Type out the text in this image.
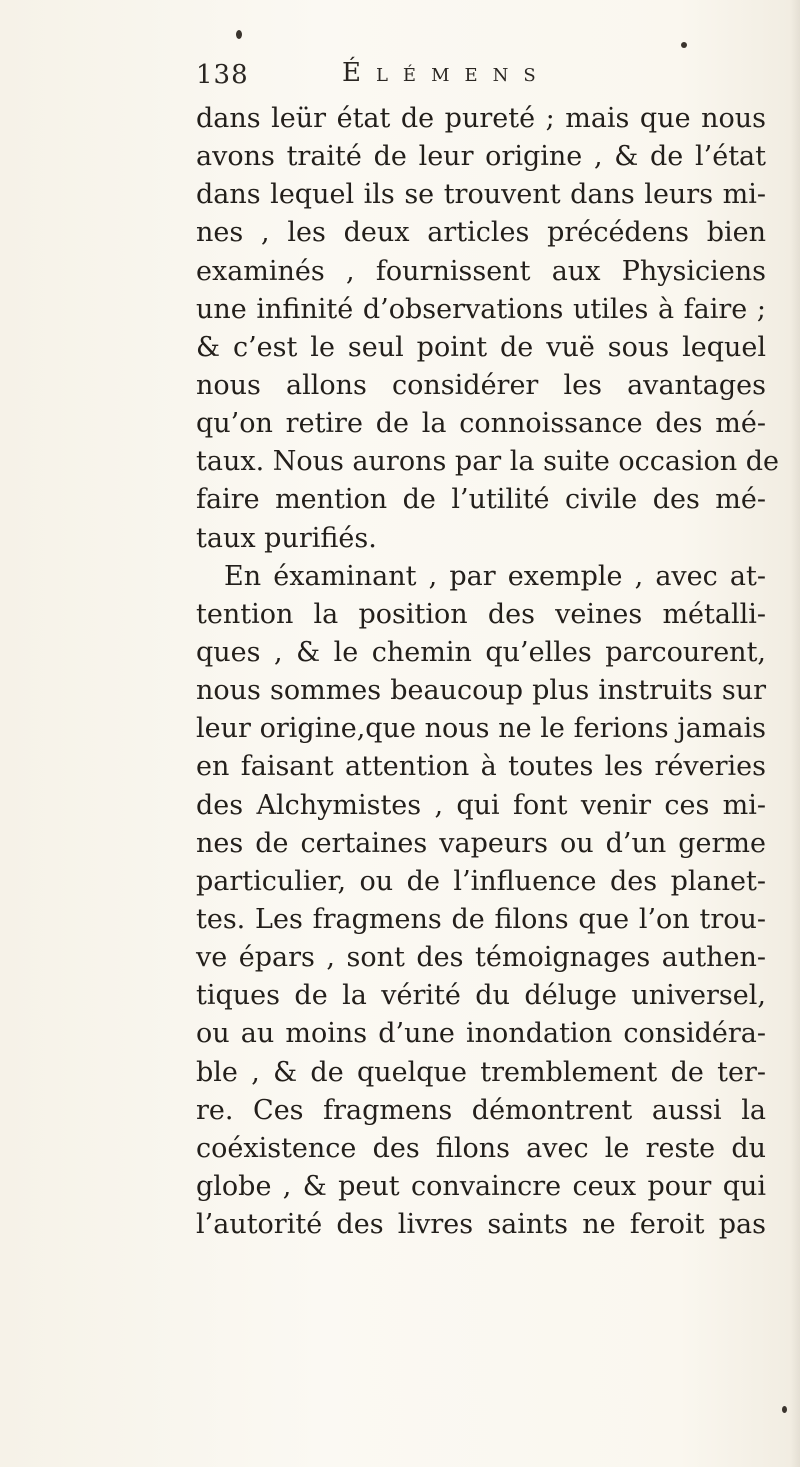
138	Élémens
dans leür état de pureté ; mais que nous
avons traité de leur origine , & de l’état
dans lequel ils se trouvent dans leurs mi-
nes , les deux articles précédens bien
examinés , fournissent aux Physiciens
une infinité d’observations utiles à faire ;
& c’est le seul point de vuë sous lequel
nous allons considérer les avantages
qu’on retire de la connoissance des mé-
taux. Nous aurons par la suite occasion de
faire mention de l’utilité civile des mé-
taux purifiés.
En éxaminant , par exemple , avec at-
tention la position des veines métalli-
ques , & le chemin qu’elles parcourent,
nous sommes beaucoup plus instruits sur
leur origine,que nous ne le ferions jamais
en faisant attention à toutes les réveries
des Alchymistes , qui font venir ces mi-
nes de certaines vapeurs ou d’un germe
particulier, ou de l’influence des planet-
tes. Les fragmens de filons que l’on trou-
ve épars , sont des témoignages authen-
tiques de la vérité du déluge universel,
ou au moins d’une inondation considéra-
ble , & de quelque tremblement de ter-
re. Ces fragmens démontrent aussi la
coéxistence des filons avec le reste du
globe , & peut convaincre ceux pour qui
l’autorité des livres saints ne feroit pas
